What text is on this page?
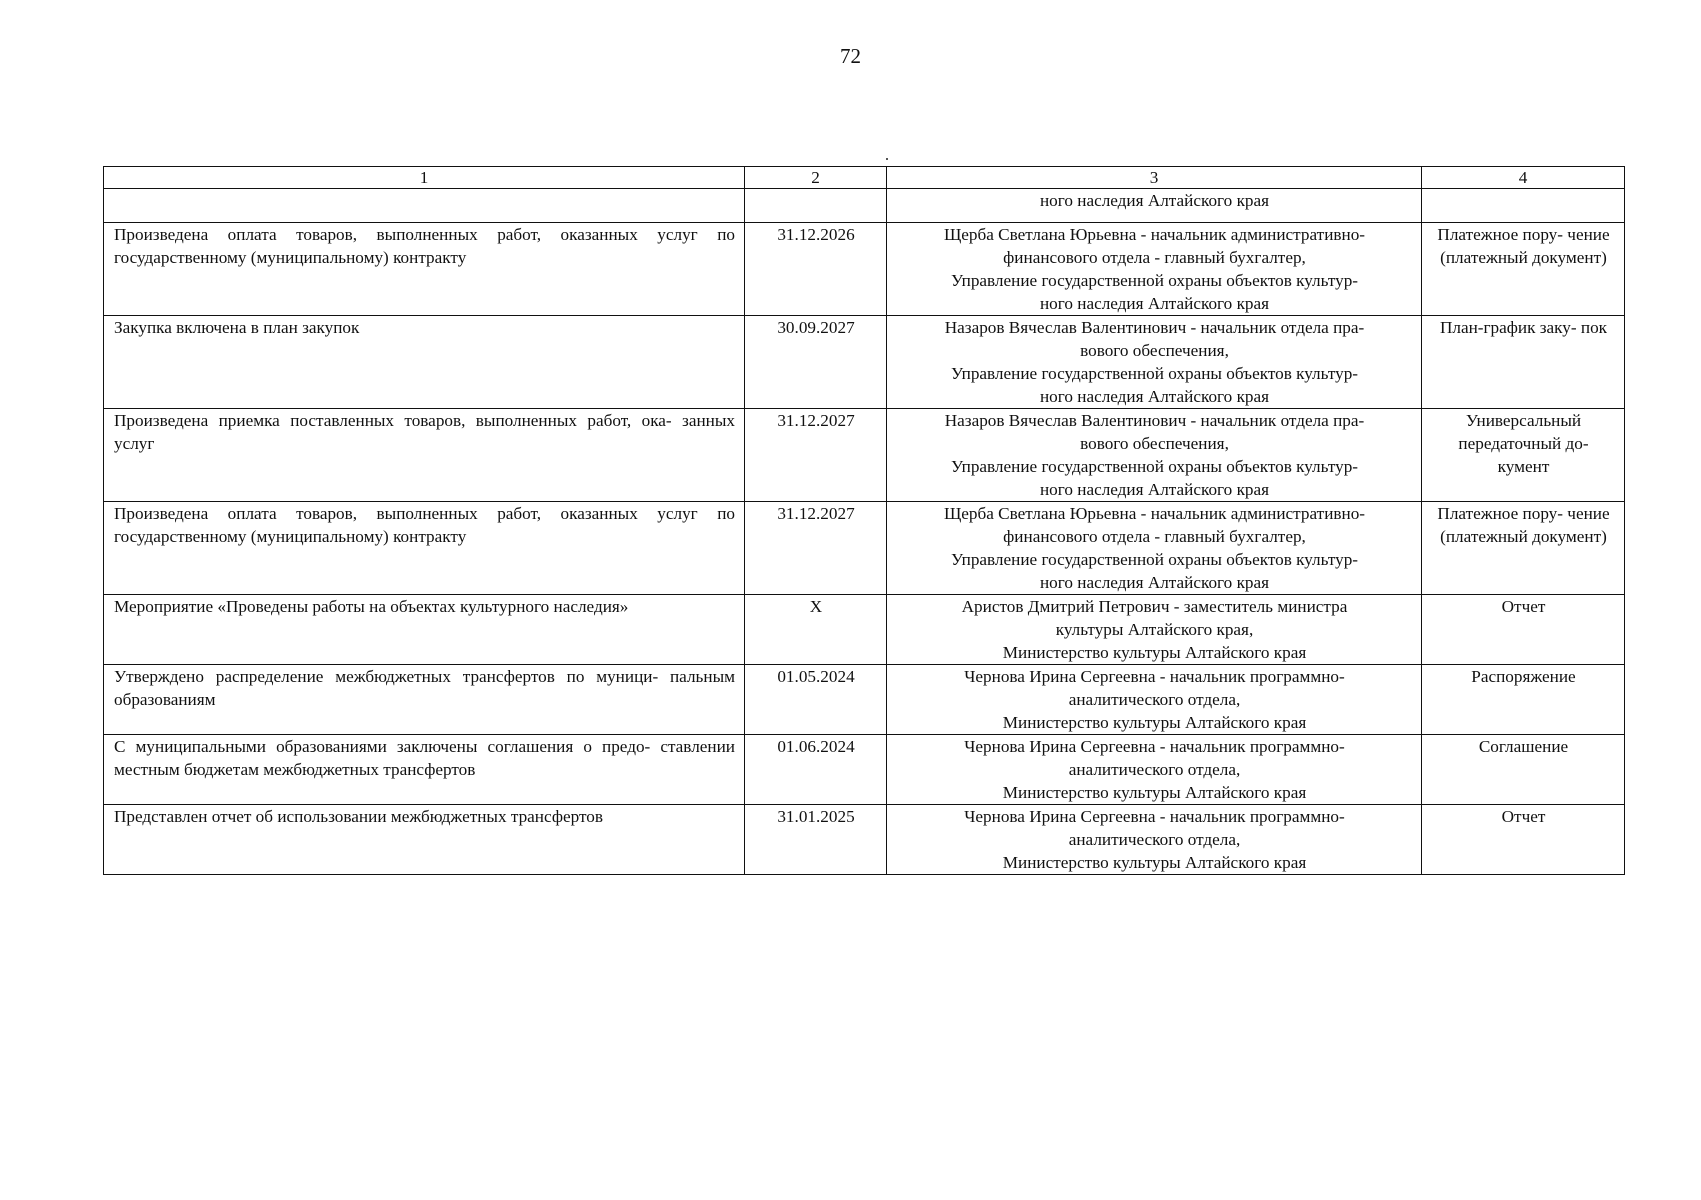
72
1	2	3	4

		ного наследия Алтайского края	

Произведена оплата товаров, выполненных работ, оказанных услуг по государственному (муниципальному) контракту	31.12.2026	Щерба Светлана Юрьевна - начальник административно-
финансового отдела - главный бухгалтер,
Управление государственной охраны объектов культур-
ного наследия Алтайского края	Платежное пору- чение (платежный документ)
Закупка включена в план закупок	30.09.2027	Назаров Вячеслав Валентинович - начальник отдела пра-
вового обеспечения,
Управление государственной охраны объектов культур-
ного наследия Алтайского края	План-график заку- пок
Произведена приемка поставленных товаров, выполненных работ, ока- занных услуг	31.12.2027	Назаров Вячеслав Валентинович - начальник отдела пра-
вового обеспечения,
Управление государственной охраны объектов культур-
ного наследия Алтайского края	Универсальный передаточный до- кумент
Произведена оплата товаров, выполненных работ, оказанных услуг по государственному (муниципальному) контракту	31.12.2027	Щерба Светлана Юрьевна - начальник административно-
финансового отдела - главный бухгалтер,
Управление государственной охраны объектов культур-
ного наследия Алтайского края	Платежное пору- чение (платежный документ)
Мероприятие «Проведены работы на объектах культурного наследия»	X	Аристов Дмитрий Петрович - заместитель министра
культуры Алтайского края,
Министерство культуры Алтайского края	Отчет
Утверждено распределение межбюджетных трансфертов по муници- пальным образованиям	01.05.2024	Чернова Ирина Сергеевна - начальник программно-
аналитического отдела,
Министерство культуры Алтайского края	Распоряжение
С муниципальными образованиями заключены соглашения о предо- ставлении местным бюджетам межбюджетных трансфертов	01.06.2024	Чернова Ирина Сергеевна - начальник программно-
аналитического отдела,
Министерство культуры Алтайского края	Соглашение
Представлен отчет об использовании межбюджетных трансфертов	31.01.2025	Чернова Ирина Сергеевна - начальник программно-
аналитического отдела,
Министерство культуры Алтайского края	Отчет
